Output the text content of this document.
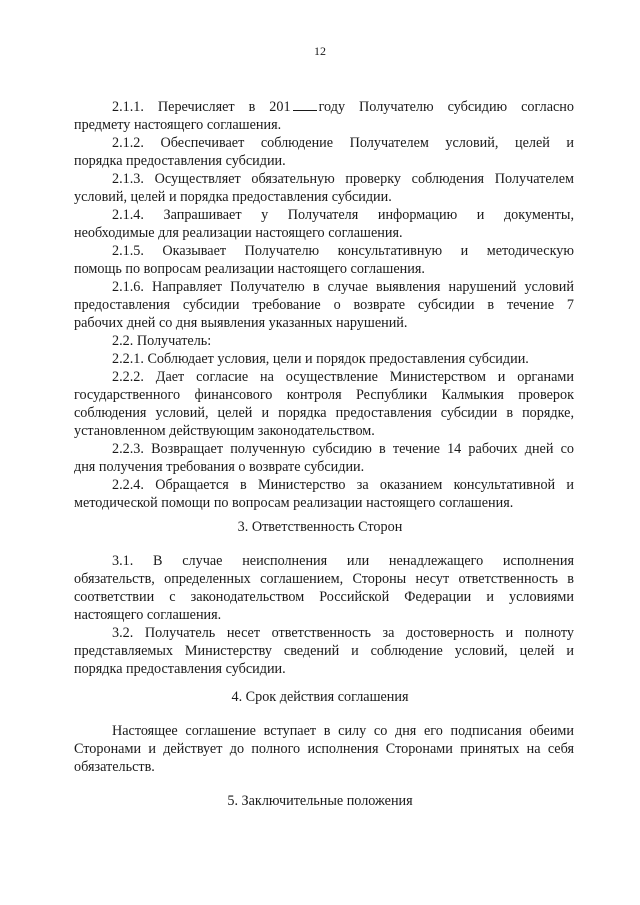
12
2.1.1. Перечисляет в 201 году Получателю субсидию согласно
предмету настоящего соглашения.
2.1.2. Обеспечивает соблюдение Получателем условий, целей и
порядка предоставления субсидии.
2.1.3. Осуществляет обязательную проверку соблюдения Получателем
условий, целей и порядка предоставления субсидии.
2.1.4. Запрашивает у Получателя информацию и документы,
необходимые для реализации настоящего соглашения.
2.1.5. Оказывает Получателю консультативную и методическую
помощь по вопросам реализации настоящего соглашения.
2.1.6. Направляет Получателю в случае выявления нарушений условий
предоставления субсидии требование о возврате субсидии в течение 7
рабочих дней со дня выявления указанных нарушений.
2.2. Получатель:
2.2.1. Соблюдает условия, цели и порядок предоставления субсидии.
2.2.2. Дает согласие на осуществление Министерством и органами
государственного финансового контроля Республики Калмыкия проверок
соблюдения условий, целей и порядка предоставления субсидии в порядке,
установленном действующим законодательством.
2.2.3. Возвращает полученную субсидию в течение 14 рабочих дней со
дня получения требования о возврате субсидии.
2.2.4. Обращается в Министерство за оказанием консультативной и
методической помощи по вопросам реализации настоящего соглашения.
3. Ответственность Сторон
3.1. В случае неисполнения или ненадлежащего исполнения
обязательств, определенных соглашением, Стороны несут ответственность в
соответствии с законодательством Российской Федерации и условиями
настоящего соглашения.
3.2. Получатель несет ответственность за достоверность и полноту
представляемых Министерству сведений и соблюдение условий, целей и
порядка предоставления субсидии.
4. Срок действия соглашения
Настоящее соглашение вступает в силу со дня его подписания обеими
Сторонами и действует до полного исполнения Сторонами принятых на себя
обязательств.
5. Заключительные положения
